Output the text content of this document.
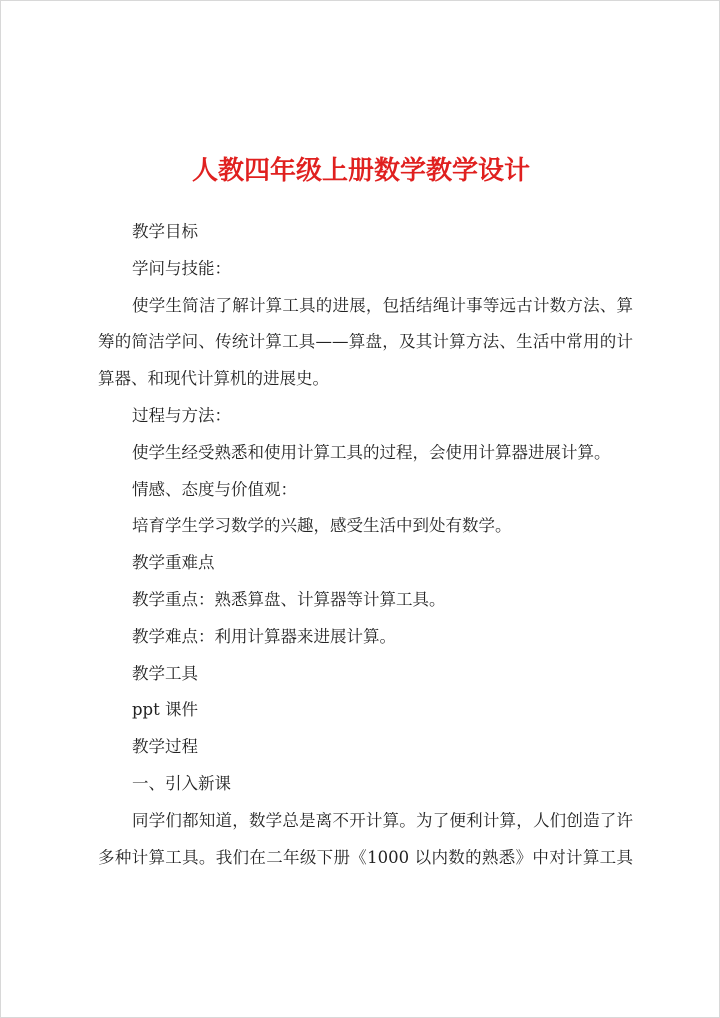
人教四年级上册数学教学设计
教学目标
学问与技能：
使学生简洁了解计算工具的进展，包括结绳计事等远古计数方法、算
筹的简洁学问、传统计算工具——算盘，及其计算方法、生活中常用的计
算器、和现代计算机的进展史。
过程与方法：
使学生经受熟悉和使用计算工具的过程，会使用计算器进展计算。
情感、态度与价值观：
培育学生学习数学的兴趣，感受生活中到处有数学。
教学重难点
教学重点：熟悉算盘、计算器等计算工具。
教学难点：利用计算器来进展计算。
教学工具
ppt 课件
教学过程
一、引入新课
同学们都知道，数学总是离不开计算。为了便利计算，人们创造了许
多种计算工具。我们在二年级下册《1000 以内数的熟悉》中对计算工具
